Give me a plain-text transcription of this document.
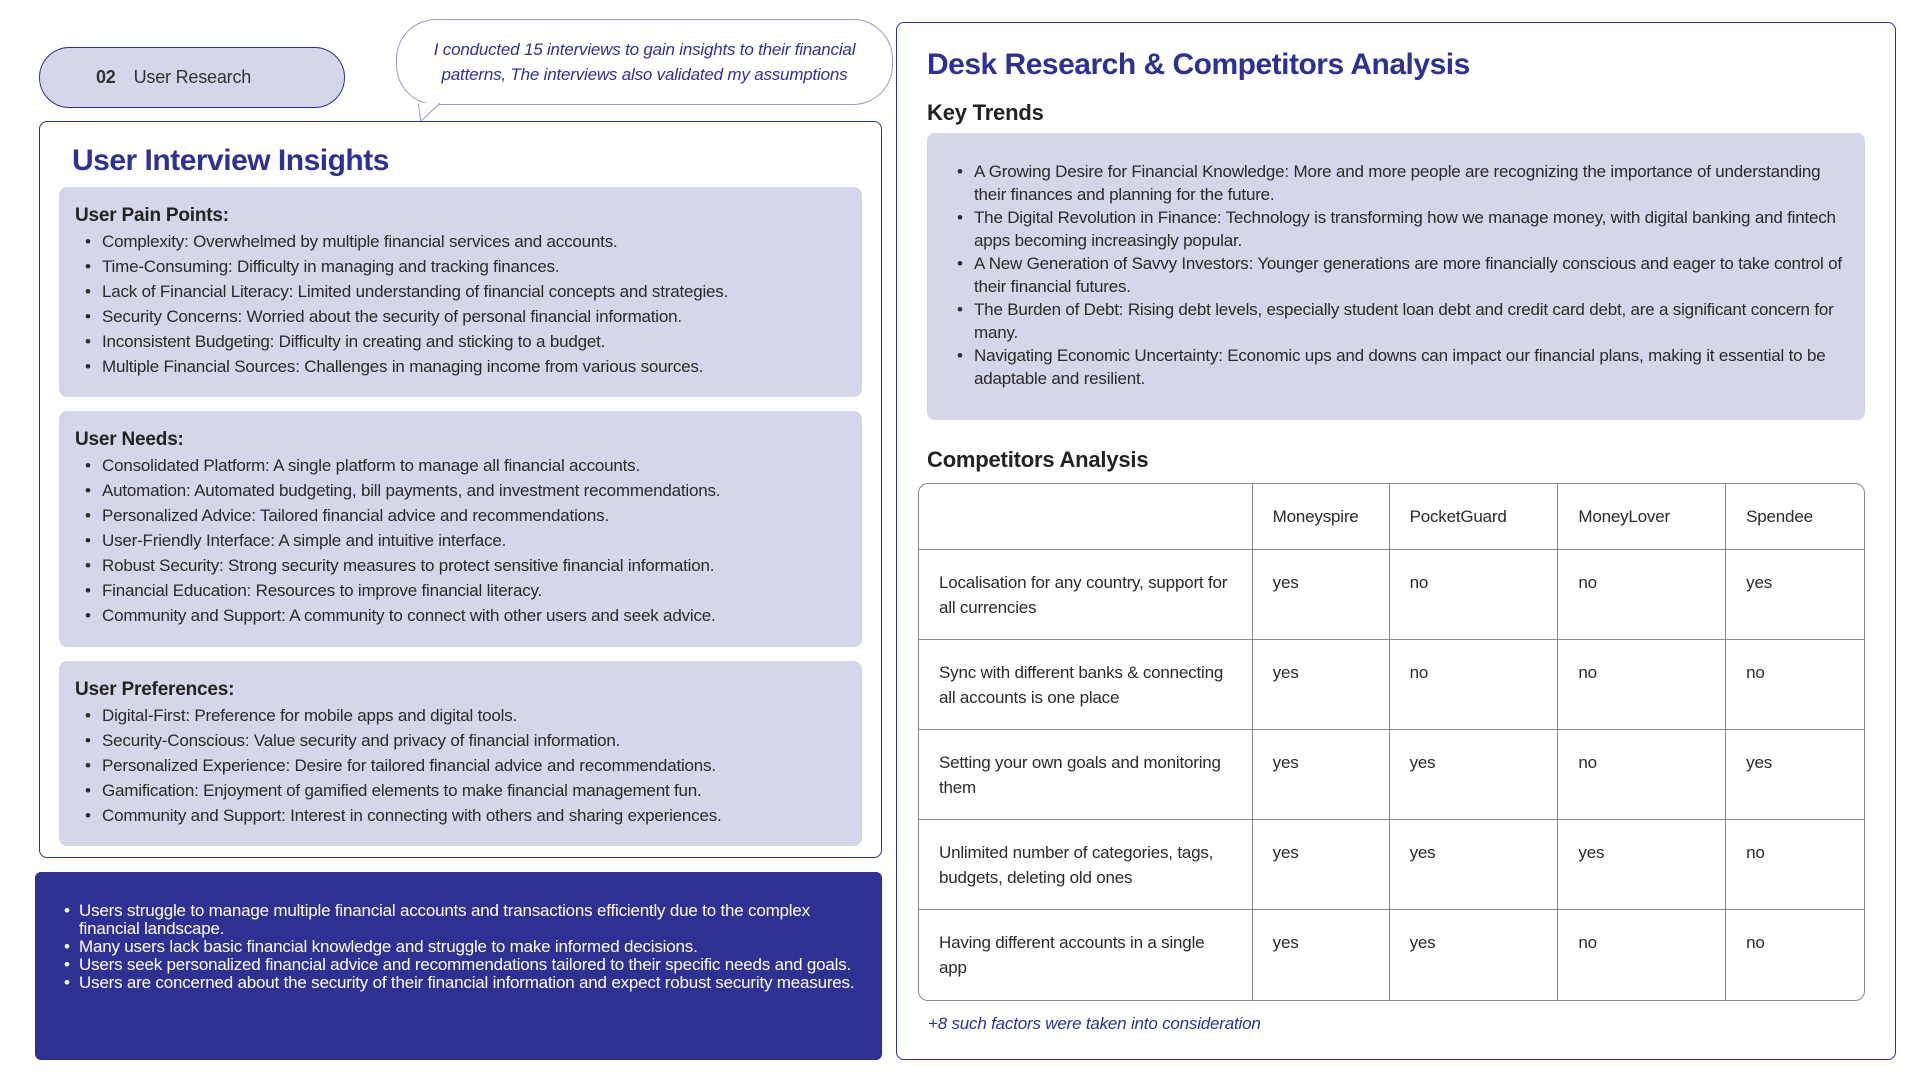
02 User Research
I conducted 15 interviews to gain insights to their financial patterns, The interviews also validated my assumptions
User Interview Insights
User Pain Points:
• Complexity: Overwhelmed by multiple financial services and accounts.
• Time-Consuming: Difficulty in managing and tracking finances.
• Lack of Financial Literacy: Limited understanding of financial concepts and strategies.
• Security Concerns: Worried about the security of personal financial information.
• Inconsistent Budgeting: Difficulty in creating and sticking to a budget.
• Multiple Financial Sources: Challenges in managing income from various sources.
User Needs:
• Consolidated Platform: A single platform to manage all financial accounts.
• Automation: Automated budgeting, bill payments, and investment recommendations.
• Personalized Advice: Tailored financial advice and recommendations.
• User-Friendly Interface: A simple and intuitive interface.
• Robust Security: Strong security measures to protect sensitive financial information.
• Financial Education: Resources to improve financial literacy.
• Community and Support: A community to connect with other users and seek advice.
User Preferences:
• Digital-First: Preference for mobile apps and digital tools.
• Security-Conscious: Value security and privacy of financial information.
• Personalized Experience: Desire for tailored financial advice and recommendations.
• Gamification: Enjoyment of gamified elements to make financial management fun.
• Community and Support: Interest in connecting with others and sharing experiences.
• Users struggle to manage multiple financial accounts and transactions efficiently due to the complex financial landscape.
• Many users lack basic financial knowledge and struggle to make informed decisions.
• Users seek personalized financial advice and recommendations tailored to their specific needs and goals.
• Users are concerned about the security of their financial information and expect robust security measures.
Desk Research & Competitors Analysis
Key Trends
• A Growing Desire for Financial Knowledge: More and more people are recognizing the importance of understanding their finances and planning for the future.
• The Digital Revolution in Finance: Technology is transforming how we manage money, with digital banking and fintech apps becoming increasingly popular.
• A New Generation of Savvy Investors: Younger generations are more financially conscious and eager to take control of their financial futures.
• The Burden of Debt: Rising debt levels, especially student loan debt and credit card debt, are a significant concern for many.
• Navigating Economic Uncertainty: Economic ups and downs can impact our financial plans, making it essential to be adaptable and resilient.
Competitors Analysis
	Moneyspire	PocketGuard	MoneyLover	Spendee
Localisation for any country, support for all currencies	yes	no	no	yes
Sync with different banks & connecting all accounts is one place	yes	no	no	no
Setting your own goals and monitoring them	yes	yes	no	yes
Unlimited number of categories, tags, budgets, deleting old ones	yes	yes	yes	no
Having different accounts in a single app	yes	yes	no	no
+8 such factors were taken into consideration
